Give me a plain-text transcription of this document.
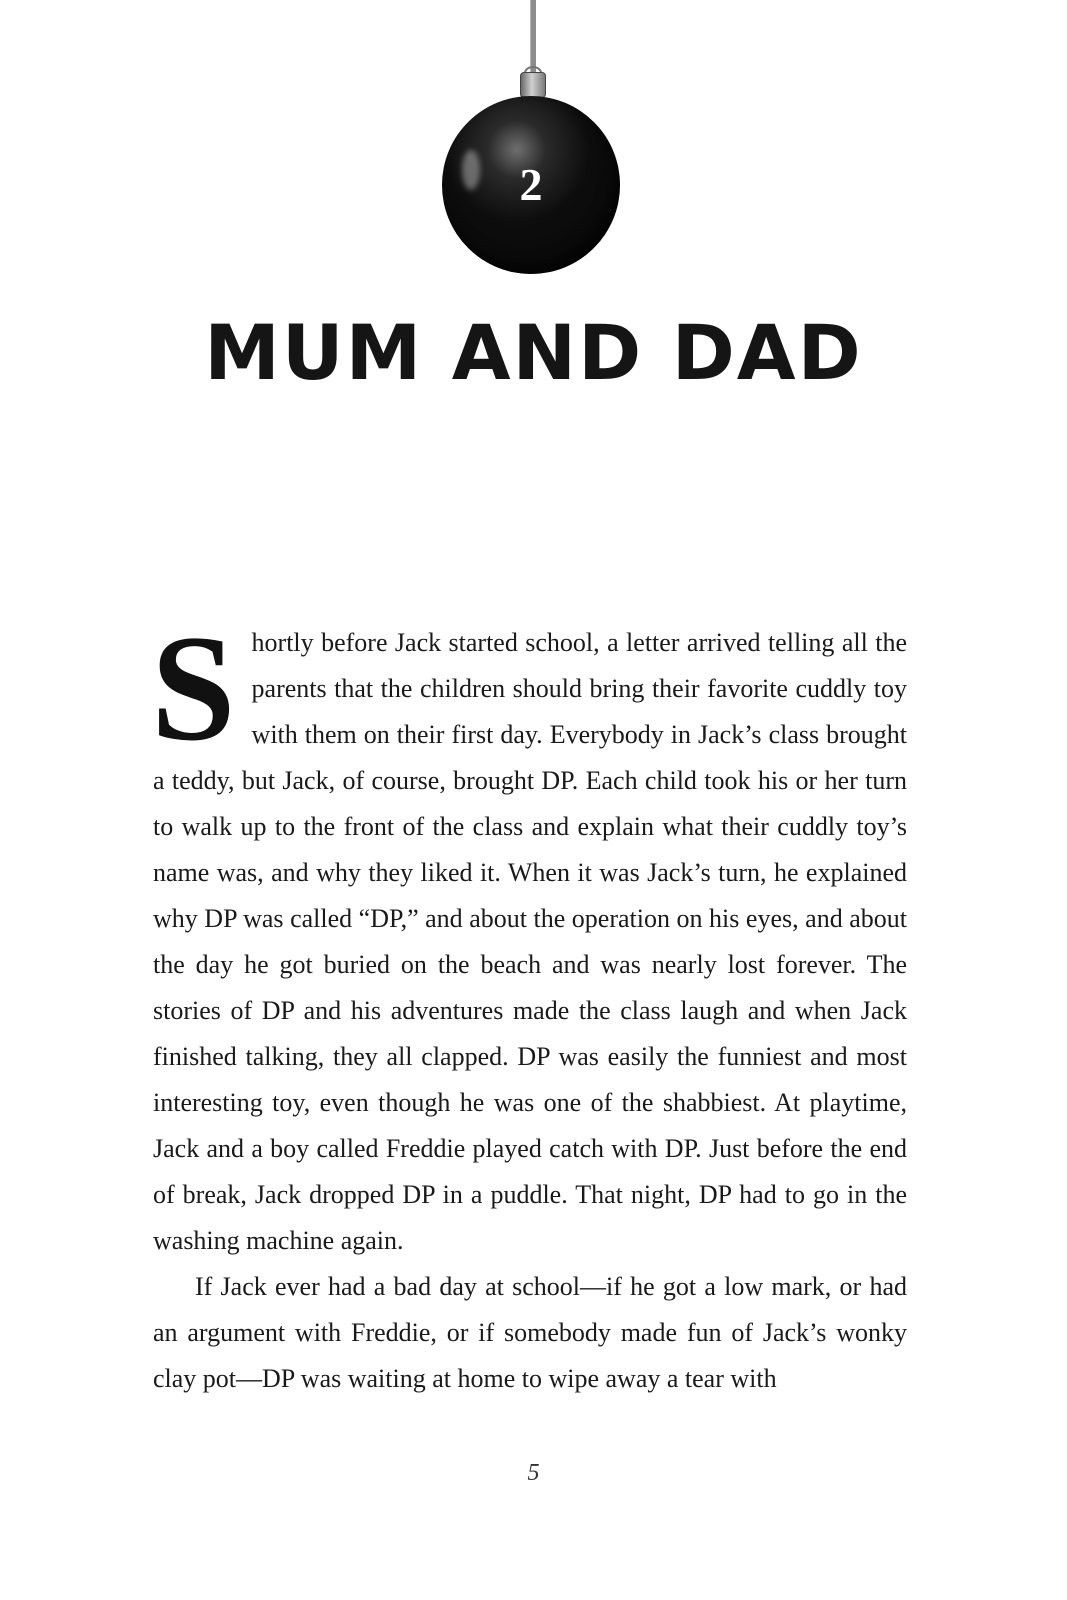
2
MUM AND DAD

Shortly before Jack started school, a letter arrived telling all the parents that the children should bring their favorite cuddly toy with them on their first day. Everybody in Jack’s class brought a teddy, but Jack, of course, brought DP. Each child took his or her turn to walk up to the front of the class and explain what their cuddly toy’s name was, and why they liked it. When it was Jack’s turn, he explained why DP was called “DP,” and about the operation on his eyes, and about the day he got buried on the beach and was nearly lost forever. The stories of DP and his adventures made the class laugh and when Jack finished talking, they all clapped. DP was easily the funniest and most interesting toy, even though he was one of the shabbiest. At playtime, Jack and a boy called Freddie played catch with DP. Just before the end of break, Jack dropped DP in a puddle. That night, DP had to go in the washing machine again.

If Jack ever had a bad day at school—if he got a low mark, or had an argument with Freddie, or if somebody made fun of Jack’s wonky clay pot—DP was waiting at home to wipe away a tear with

5
